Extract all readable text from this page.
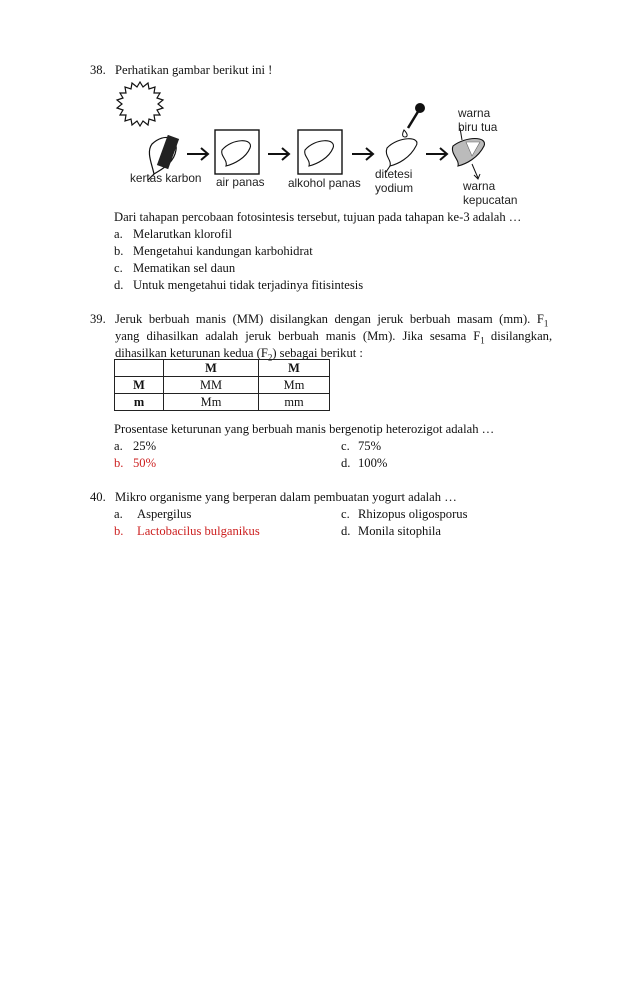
38. Perhatikan gambar berikut ini !
kertas karbon air panas alkohol panas
ditetesi
yodium
warna
biru tua
warna
kepucatan
Dari tahapan percobaan fotosintesis tersebut, tujuan pada tahapan ke-3 adalah …
a. Melarutkan klorofil
b. Mengetahui kandungan karbohidrat
c. Mematikan sel daun
d. Untuk mengetahui tidak terjadinya fitisintesis
39. Jeruk berbuah manis (MM) disilangkan dengan jeruk berbuah masam (mm). $F_1$
yang dihasilkan adalah jeruk berbuah manis (Mm). Jika sesama $F_1$ disilangkan,
dihasilkan keturunan kedua $(F_2)$ sebagai berikut :
	M	M
M	MM	Mm
m	Mm	mm
Prosentase keturunan yang berbuah manis bergenotip heterozigot adalah …
a. 25%
b. 50%
c. 75%
d. 100%
40. Mikro organisme yang berperan dalam pembuatan yogurt adalah …
a. Aspergilus
b. Lactobacilus bulganikus
c. Rhizopus oligosporus
d. Monila sitophila
